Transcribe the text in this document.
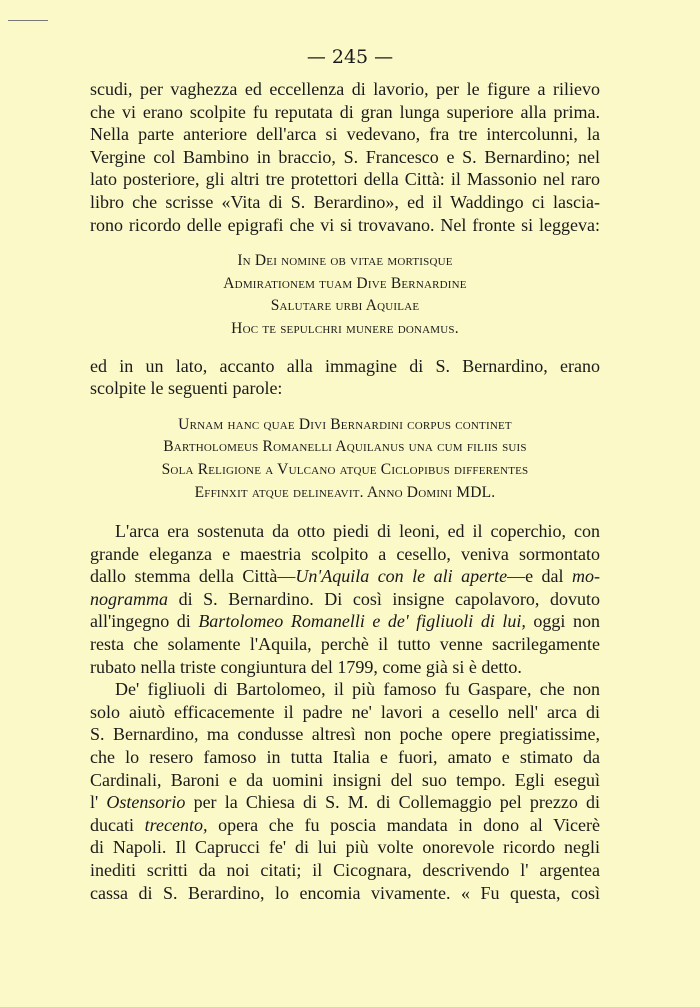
— 245 —

scudi, per vaghezza ed eccellenza di lavorio, per le figure a rilievo
che vi erano scolpite fu reputata di gran lunga superiore alla prima.
Nella parte anteriore dell'arca si vedevano, fra tre intercolunni, la
Vergine col Bambino in braccio, S. Francesco e S. Bernardino; nel
lato posteriore, gli altri tre protettori della Città: il Massonio nel raro
libro che scrisse «Vita di S. Berardino», ed il Waddingo ci lascia-
rono ricordo delle epigrafi che vi si trovavano. Nel fronte si leggeva:

In Dei nomine ob vitae mortisque
Admirationem tuam Dive Bernardine
Salutare urbi Aquilae
Hoc te sepulchri munere donamus.

ed in un lato, accanto alla immagine di S. Bernardino, erano
scolpite le seguenti parole:

Urnam hanc quae Divi Bernardini corpus continet
Bartholomeus Romanelli Aquilanus una cum filiis suis
Sola Religione a Vulcano atque Ciclopibus differentes
Effinxit atque delineavit. Anno Domini MDL.

L'arca era sostenuta da otto piedi di leoni, ed il coperchio, con
grande eleganza e maestria scolpito a cesello, veniva sormontato
dallo stemma della Città—Un'Aquila con le ali aperte—e dal mo-
nogramma di S. Bernardino. Di così insigne capolavoro, dovuto
all'ingegno di Bartolomeo Romanelli e de' figliuoli di lui, oggi non
resta che solamente l'Aquila, perchè il tutto venne sacrilegamente
rubato nella triste congiuntura del 1799, come già si è detto.

De' figliuoli di Bartolomeo, il più famoso fu Gaspare, che non
solo aiutò efficacemente il padre ne' lavori a cesello nell' arca di
S. Bernardino, ma condusse altresì non poche opere pregiatissime,
che lo resero famoso in tutta Italia e fuori, amato e stimato da
Cardinali, Baroni e da uomini insigni del suo tempo. Egli eseguì
l' Ostensorio per la Chiesa di S. M. di Collemaggio pel prezzo di
ducati trecento, opera che fu poscia mandata in dono al Vicerè
di Napoli. Il Caprucci fe' di lui più volte onorevole ricordo negli
inediti scritti da noi citati; il Cicognara, descrivendo l' argentea
cassa di S. Berardino, lo encomia vivamente. « Fu questa, così
